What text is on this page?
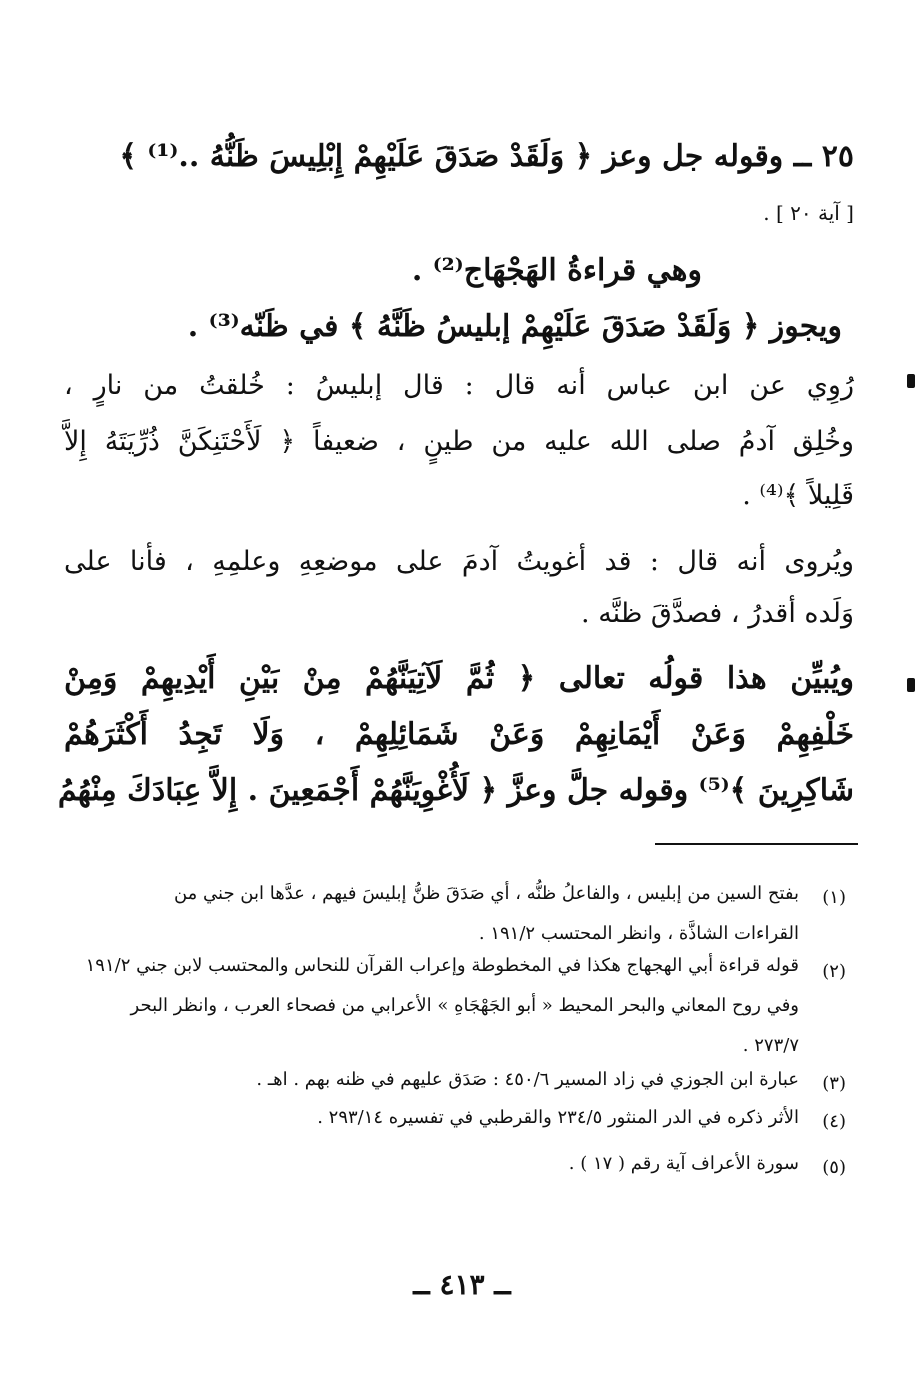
٢٥ ــ وقوله جل وعز ﴿ وَلَقَدْ صَدَقَ عَلَيْهِمْ إِبْلِيسَ ظَنُّهُ ..⁽¹⁾ ﴾
[ آية ٢٠ ] .
وهي قراءةُ الهَجْهَاج⁽²⁾ .
ويجوز ﴿ وَلَقَدْ صَدَقَ عَلَيْهِمْ إبليسُ ظَنَّهُ ﴾ في ظَنّه⁽³⁾ .
رُوِي عن ابن عباس أنه قال : قال إبليسُ : خُلقتُ من نارٍ ،
وخُلِق آدمُ صلى الله عليه من طينٍ ، ضعيفاً ﴿ لَأَحْتَنِكَنَّ ذُرِّيَتَهُ إِلاَّ
قَلِيلاً ﴾⁽⁴⁾ .
ويُروى أنه قال : قد أغويتُ آدمَ على موضعِهِ وعلمِهِ ، فأنا على
وَلَده أقدرُ ، فصدَّقَ ظنَّه .
ويُبيِّن هذا قولُه تعالى ﴿ ثُمَّ لَآتِيَنَّهُمْ مِنْ بَيْنِ أَيْدِيهِمْ وَمِنْ
خَلْفِهِمْ وَعَنْ أَيْمَانِهِمْ وَعَنْ شَمَائِلِهِمْ ، وَلَا تَجِدُ أَكْثَرَهُمْ
شَاكِرِينَ ﴾⁽⁵⁾ وقوله جلَّ وعزَّ ﴿ لَأُغْوِيَنَّهُمْ أَجْمَعِينَ . إِلاَّ عِبَادَكَ مِنْهُمُ
(١)
بفتح السين من إبليس ، والفاعلُ ظنُّه ، أي صَدَقَ ظنُّ إبليسَ فيهم ، عدَّها ابن جني من
القراءات الشاذَّة ، وانظر المحتسب ١٩١/٢ .
(٢)
قوله قراءة أبي الهجهاج هكذا في المخطوطة وإعراب القرآن للنحاس والمحتسب لابن جني ١٩١/٢
وفي روح المعاني والبحر المحيط « أبو الجَهْجَاهِ » الأعرابي من فصحاء العرب ، وانظر البحر
٢٧٣/٧ .
(٣)
عبارة ابن الجوزي في زاد المسير ٤٥٠/٦ : صَدَق عليهم في ظنه بهم . اهـ .
(٤)
الأثر ذكره في الدر المنثور ٢٣٤/٥ والقرطبي في تفسيره ٢٩٣/١٤ .
(٥)
سورة الأعراف آية رقم ( ١٧ ) .
ــ ٤١٣ ــ
